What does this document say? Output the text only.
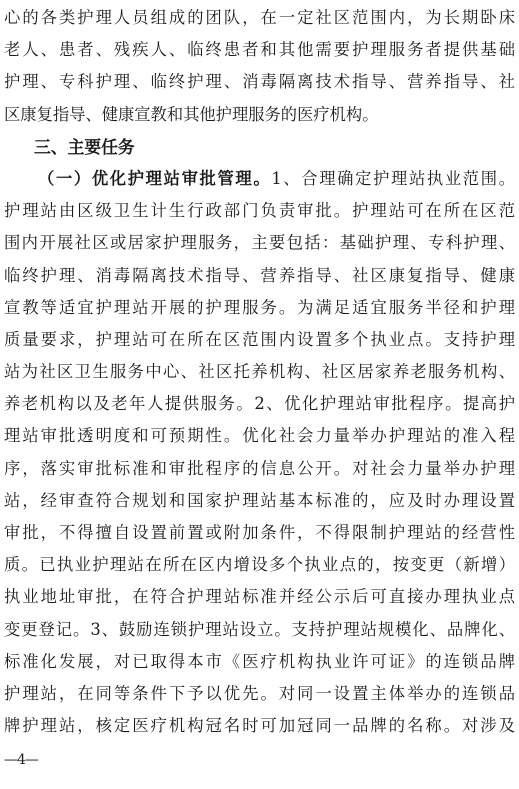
心的各类护理人员组成的团队，在一定社区范围内，为长期卧床
老人、患者、残疾人、临终患者和其他需要护理服务者提供基础
护理、专科护理、临终护理、消毒隔离技术指导、营养指导、社
区康复指导、健康宣教和其他护理服务的医疗机构。
三、主要任务
（一）优化护理站审批管理。1、合理确定护理站执业范围。
护理站由区级卫生计生行政部门负责审批。护理站可在所在区范
围内开展社区或居家护理服务，主要包括：基础护理、专科护理、
临终护理、消毒隔离技术指导、营养指导、社区康复指导、健康
宣教等适宜护理站开展的护理服务。为满足适宜服务半径和护理
质量要求，护理站可在所在区范围内设置多个执业点。支持护理
站为社区卫生服务中心、社区托养机构、社区居家养老服务机构、
养老机构以及老年人提供服务。2、优化护理站审批程序。提高护
理站审批透明度和可预期性。优化社会力量举办护理站的准入程
序，落实审批标准和审批程序的信息公开。对社会力量举办护理
站，经审查符合规划和国家护理站基本标准的，应及时办理设置
审批，不得擅自设置前置或附加条件，不得限制护理站的经营性
质。已执业护理站在所在区内增设多个执业点的，按变更（新增）
执业地址审批，在符合护理站标准并经公示后可直接办理执业点
变更登记。3、鼓励连锁护理站设立。支持护理站规模化、品牌化、
标准化发展，对已取得本市《医疗机构执业许可证》的连锁品牌
护理站，在同等条件下予以优先。对同一设置主体举办的连锁品
牌护理站，核定医疗机构冠名时可加冠同一品牌的名称。对涉及
—4—
